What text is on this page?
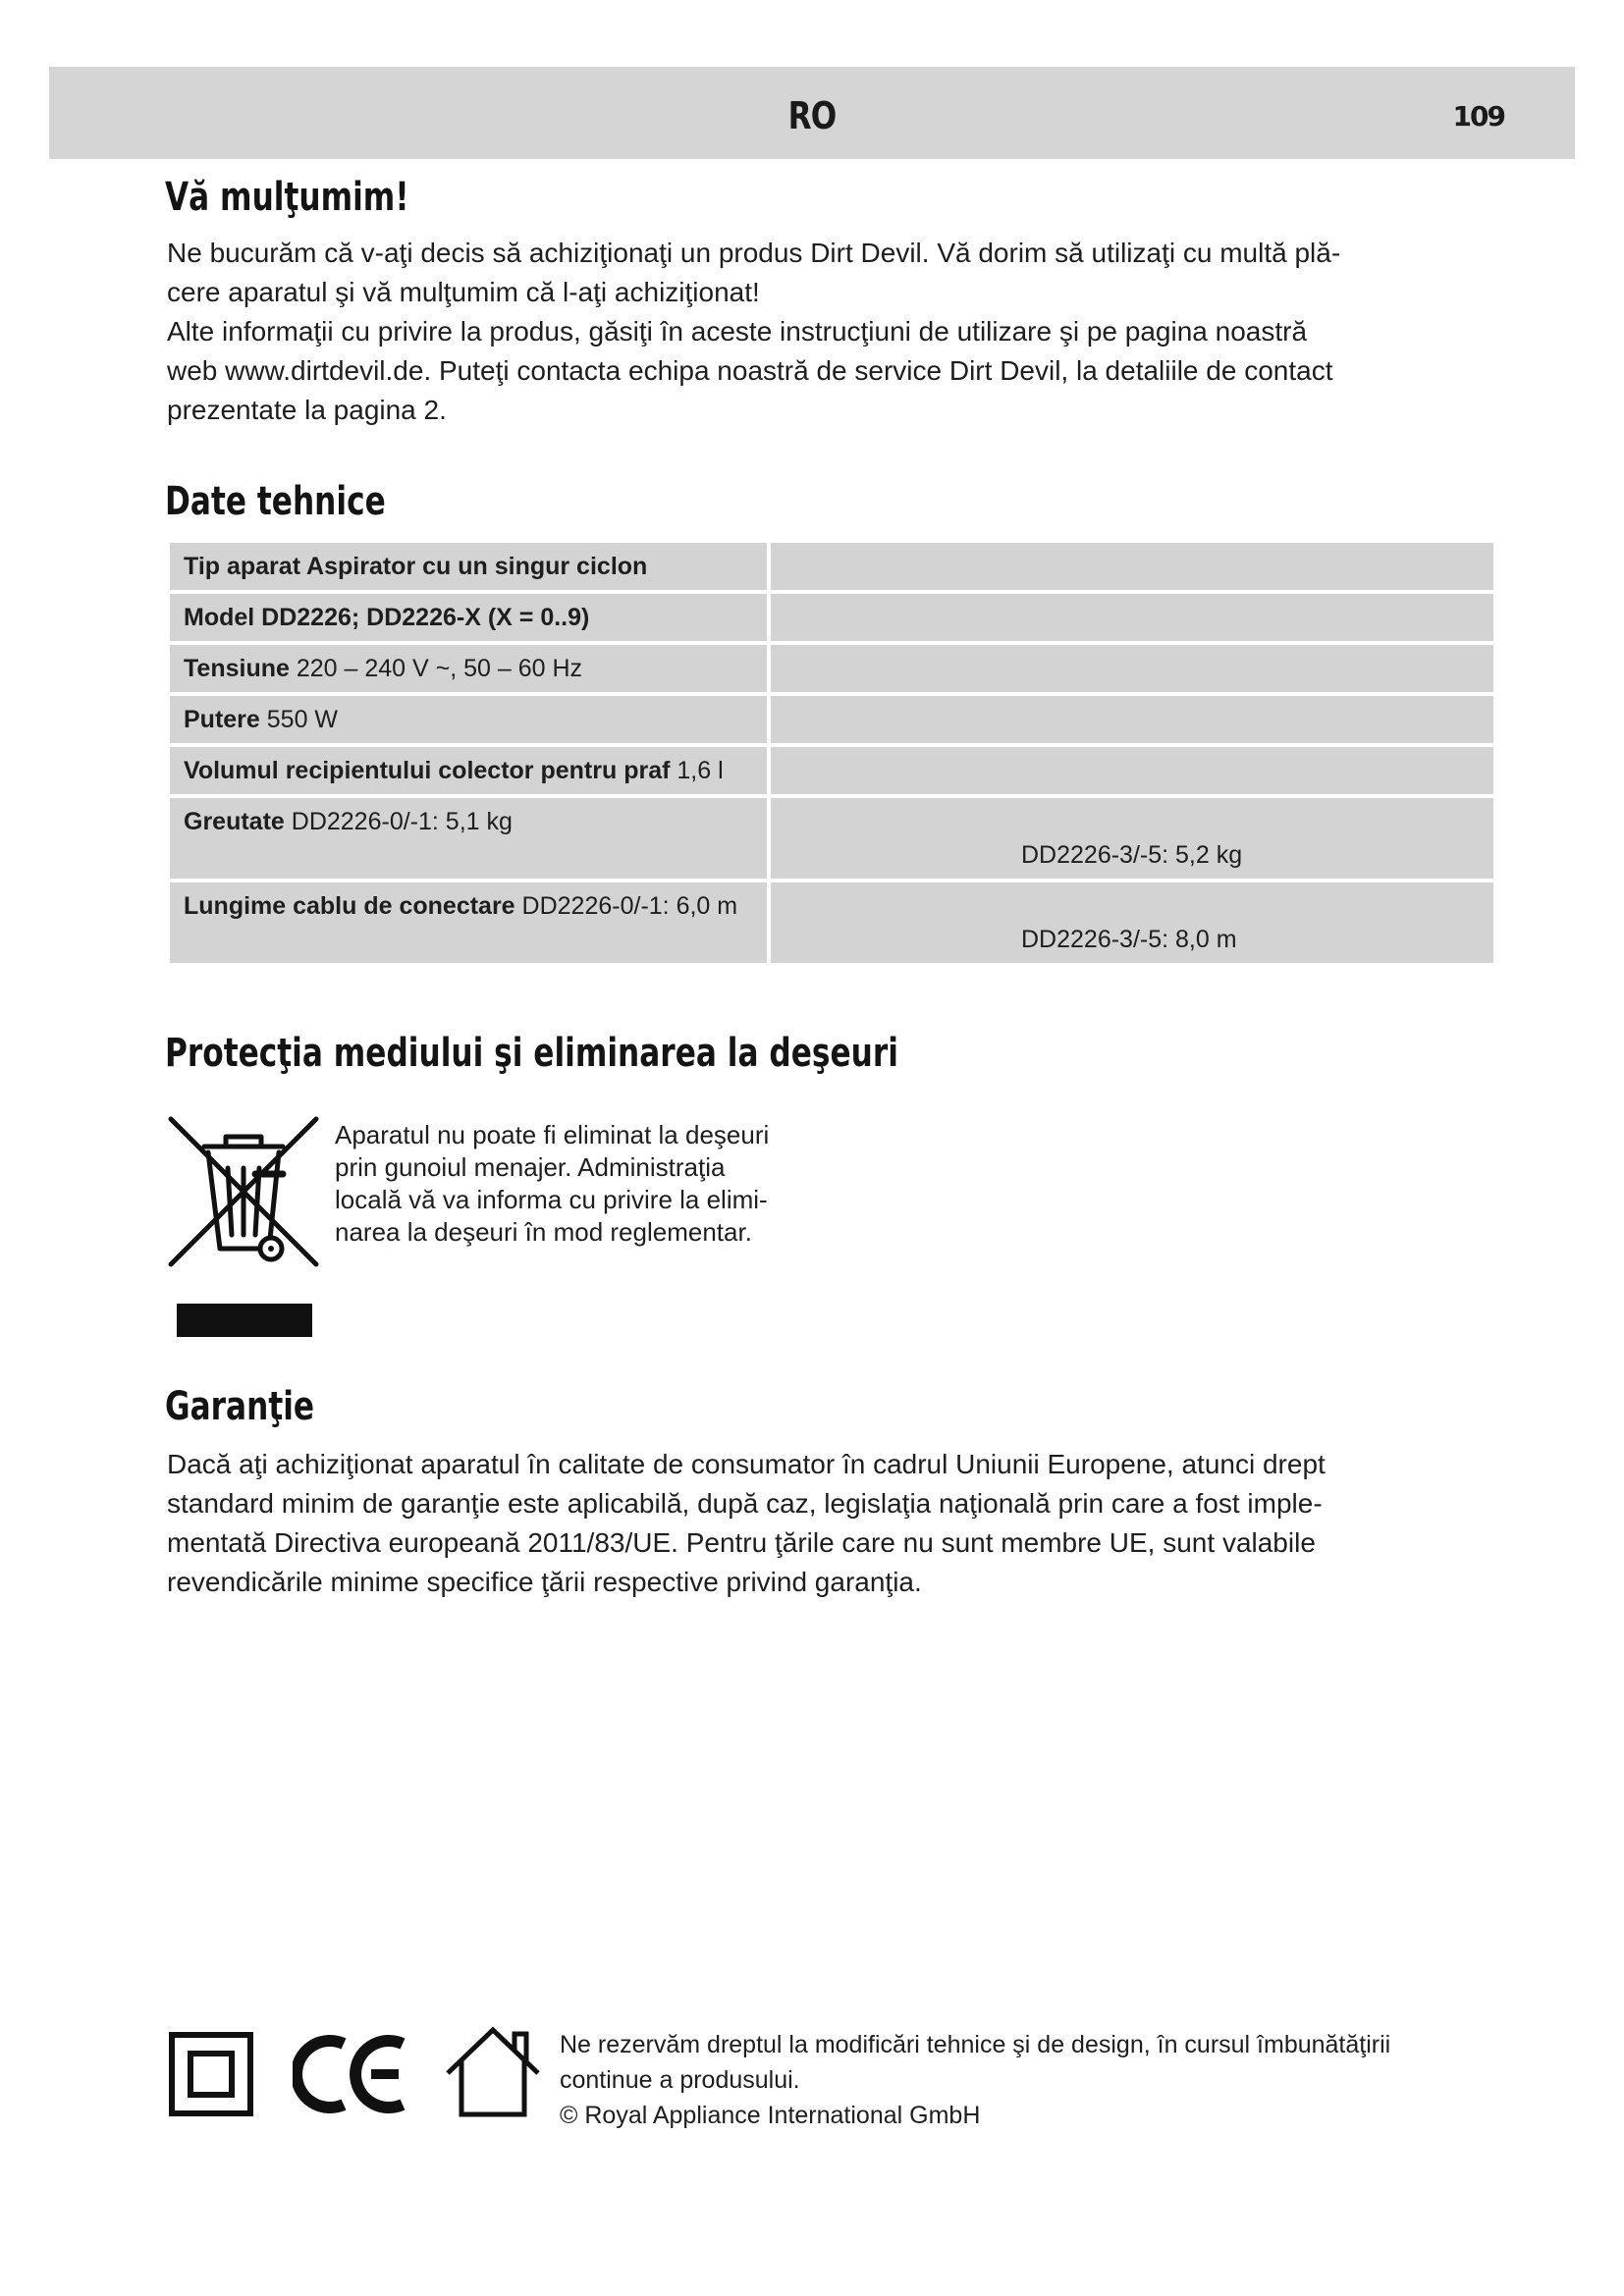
RO	109
Vă mulţumim!

Ne bucurăm că v-aţi decis să achiziţionaţi un produs Dirt Devil. Vă dorim să utilizaţi cu multă plă-
cere aparatul şi vă mulţumim că l-aţi achiziţionat!
Alte informaţii cu privire la produs, găsiţi în aceste instrucţiuni de utilizare şi pe pagina noastră
web www.dirtdevil.de. Puteţi contacta echipa noastră de service Dirt Devil, la detaliile de contact
prezentate la pagina 2.

Date tehnice
Tip aparat Aspirator cu un singur ciclon	
Model DD2226; DD2226-X (X = 0..9)	
Tensiune 220 – 240 V ~, 50 – 60 Hz	
Putere 550 W	
Volumul recipientului colector pentru praf 1,6 l	
Greutate DD2226-0/-1: 5,1 kg	DD2226-3/-5: 5,2 kg

Lungime cablu de conectare DD2226-0/-1: 6,0 m	DD2226-3/-5: 8,0 m
Protecţia mediului şi eliminarea la deşeuri

Aparatul nu poate fi eliminat la deşeuri
prin gunoiul menajer. Administraţia
locală vă va informa cu privire la elimi-
narea la deşeuri în mod reglementar.

Garanţie

Dacă aţi achiziţionat aparatul în calitate de consumator în cadrul Uniunii Europene, atunci drept
standard minim de garanţie este aplicabilă, după caz, legislaţia naţională prin care a fost imple-
mentată Directiva europeană 2011/83/UE. Pentru ţările care nu sunt membre UE, sunt valabile
revendicările minime specifice ţării respective privind garanţia.

Ne rezervăm dreptul la modificări tehnice şi de design, în cursul îmbunătăţirii
continue a produsului.
© Royal Appliance International GmbH
